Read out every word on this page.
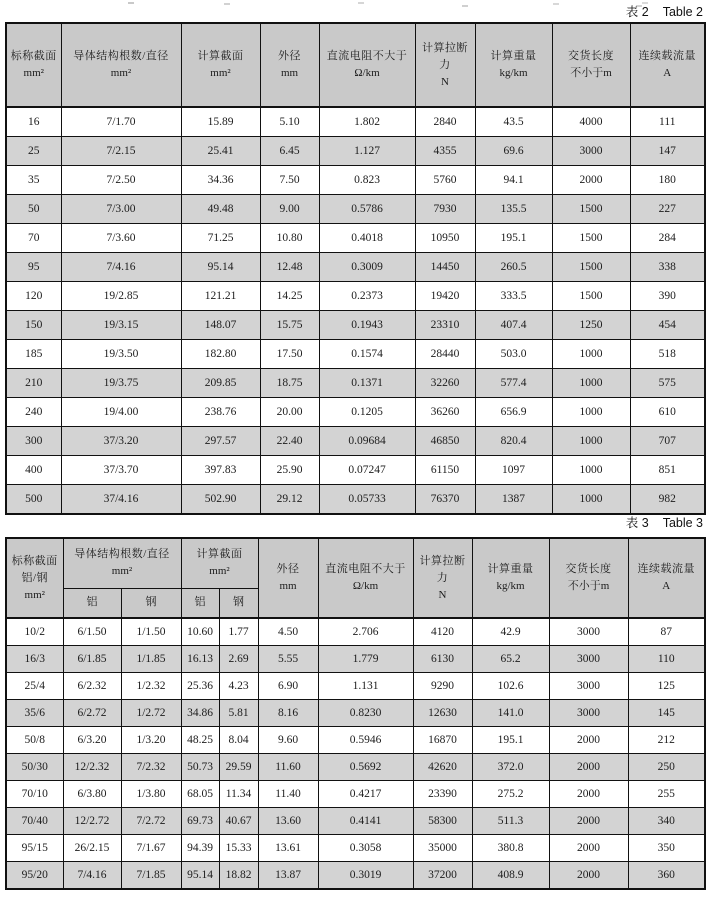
表 2 Table 2
标称截面
mm²

导体结构根数/直径
mm²

计算截面
mm²

外径
mm

直流电阻不大于
Ω/km

计算拉断力
N

计算重量
kg/km

交货长度
不小于m

连续载流量
A

16	7/1.70	15.89	5.10	1.802	2840	43.5	4000	111
25	7/2.15	25.41	6.45	1.127	4355	69.6	3000	147
35	7/2.50	34.36	7.50	0.823	5760	94.1	2000	180
50	7/3.00	49.48	9.00	0.5786	7930	135.5	1500	227
70	7/3.60	71.25	10.80	0.4018	10950	195.1	1500	284
95	7/4.16	95.14	12.48	0.3009	14450	260.5	1500	338
120	19/2.85	121.21	14.25	0.2373	19420	333.5	1500	390
150	19/3.15	148.07	15.75	0.1943	23310	407.4	1250	454
185	19/3.50	182.80	17.50	0.1574	28440	503.0	1000	518
210	19/3.75	209.85	18.75	0.1371	32260	577.4	1000	575
240	19/4.00	238.76	20.00	0.1205	36260	656.9	1000	610
300	37/3.20	297.57	22.40	0.09684	46850	820.4	1000	707
400	37/3.70	397.83	25.90	0.07247	61150	1097	1000	851
500	37/4.16	502.90	29.12	0.05733	76370	1387	1000	982
表 3 Table 3
标称截面
铝/钢
mm²

导体结构根数/直径
mm²

计算截面
mm²	外径
mm

直流电阻不大于
Ω/km

计算拉断力
N

计算重量
kg/km

交货长度
不小于m

连续载流量
A

	铝	钢	铝	钢						
10/2	6/1.50	1/1.50	10.60	1.77	4.50	2.706	4120	42.9	3000	87
16/3	6/1.85	1/1.85	16.13	2.69	5.55	1.779	6130	65.2	3000	110
25/4	6/2.32	1/2.32	25.36	4.23	6.90	1.131	9290	102.6	3000	125
35/6	6/2.72	1/2.72	34.86	5.81	8.16	0.8230	12630	141.0	3000	145
50/8	6/3.20	1/3.20	48.25	8.04	9.60	0.5946	16870	195.1	2000	212
50/30	12/2.32	7/2.32	50.73	29.59	11.60	0.5692	42620	372.0	2000	250
70/10	6/3.80	1/3.80	68.05	11.34	11.40	0.4217	23390	275.2	2000	255
70/40	12/2.72	7/2.72	69.73	40.67	13.60	0.4141	58300	511.3	2000	340
95/15	26/2.15	7/1.67	94.39	15.33	13.61	0.3058	35000	380.8	2000	350
95/20	7/4.16	7/1.85	95.14	18.82	13.87	0.3019	37200	408.9	2000	360
